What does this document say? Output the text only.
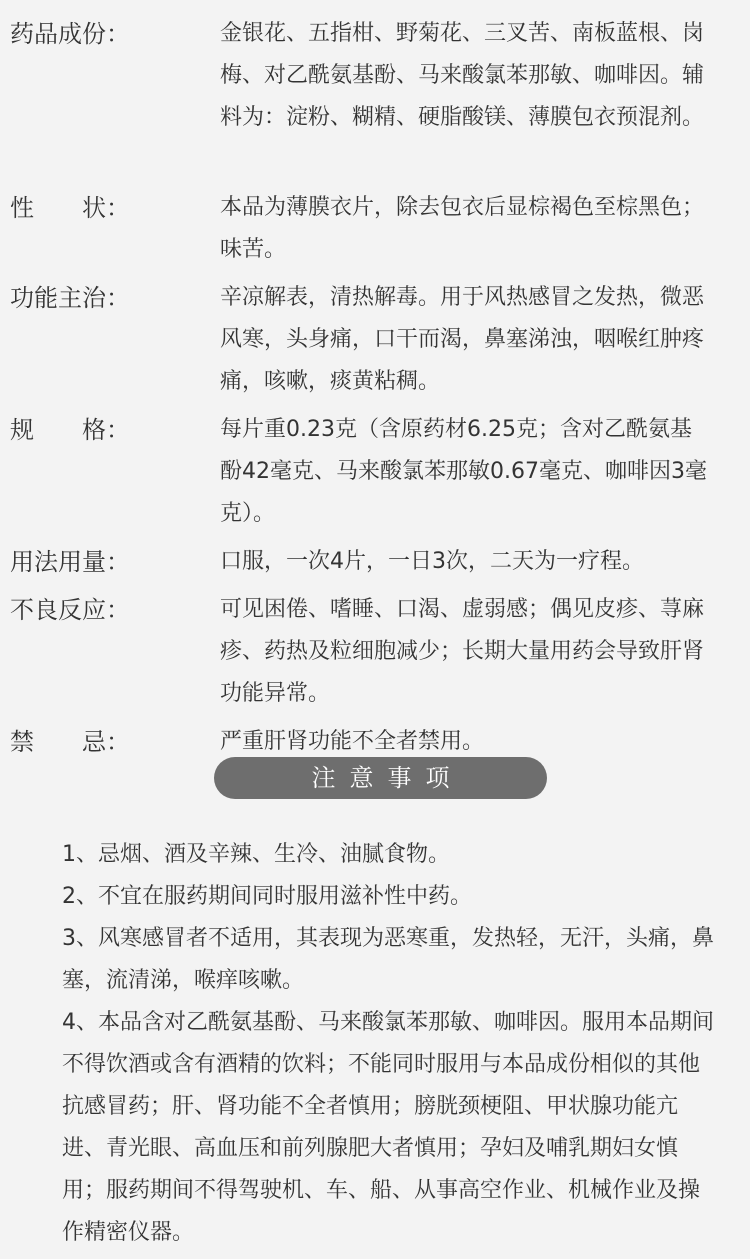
药品成份：	金银花、五指柑、野菊花、三叉苦、南板蓝根、岗梅、对乙酰氨基酚、马来酸氯苯那敏、咖啡因。辅料为：淀粉、糊精、硬脂酸镁、薄膜包衣预混剂。
性　　状：	本品为薄膜衣片，除去包衣后显棕褐色至棕黑色；味苦。
功能主治：	辛凉解表，清热解毒。用于风热感冒之发热，微恶风寒，头身痛，口干而渴，鼻塞涕浊，咽喉红肿疼痛，咳嗽，痰黄粘稠。
规　　格：	每片重0.23克（含原药材6.25克；含对乙酰氨基酚42毫克、马来酸氯苯那敏0.67毫克、咖啡因3毫克）。
用法用量：	口服，一次4片，一日3次，二天为一疗程。
不良反应：	可见困倦、嗜睡、口渴、虚弱感；偶见皮疹、荨麻疹、药热及粒细胞减少；长期大量用药会导致肝肾功能异常。
禁　　忌：	严重肝肾功能不全者禁用。
注意事项

1、忌烟、酒及辛辣、生冷、油腻食物。

2、不宜在服药期间同时服用滋补性中药。

3、风寒感冒者不适用，其表现为恶寒重，发热轻，无汗，头痛，鼻塞，流清涕，喉痒咳嗽。

4、本品含对乙酰氨基酚、马来酸氯苯那敏、咖啡因。服用本品期间不得饮酒或含有酒精的饮料；不能同时服用与本品成份相似的其他抗感冒药；肝、肾功能不全者慎用；膀胱颈梗阻、甲状腺功能亢进、青光眼、高血压和前列腺肥大者慎用；孕妇及哺乳期妇女慎用；服药期间不得驾驶机、车、船、从事高空作业、机械作业及操作精密仪器。
